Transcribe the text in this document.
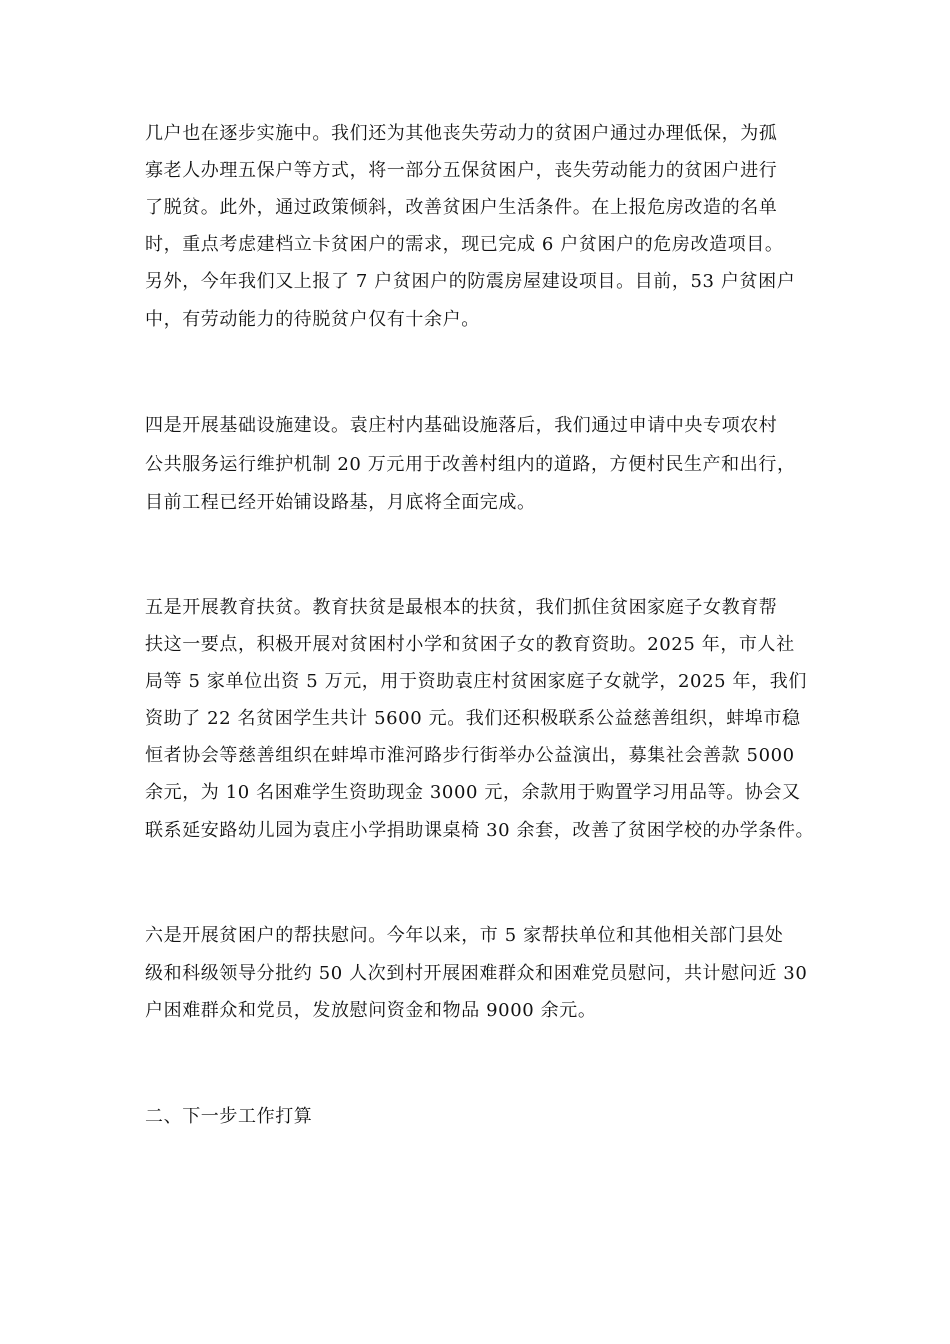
几户也在逐步实施中。我们还为其他丧失劳动力的贫困户通过办理低保，为孤

寡老人办理五保户等方式，将一部分五保贫困户，丧失劳动能力的贫困户进行

了脱贫。此外，通过政策倾斜，改善贫困户生活条件。在上报危房改造的名单

时，重点考虑建档立卡贫困户的需求，现已完成 6 户贫困户的危房改造项目。

另外，今年我们又上报了 7 户贫困户的防震房屋建设项目。目前，53 户贫困户

中，有劳动能力的待脱贫户仅有十余户。

四是开展基础设施建设。袁庄村内基础设施落后，我们通过申请中央专项农村

公共服务运行维护机制 20 万元用于改善村组内的道路，方便村民生产和出行，

目前工程已经开始铺设路基，月底将全面完成。

五是开展教育扶贫。教育扶贫是最根本的扶贫，我们抓住贫困家庭子女教育帮

扶这一要点，积极开展对贫困村小学和贫困子女的教育资助。2025 年，市人社

局等 5 家单位出资 5 万元，用于资助袁庄村贫困家庭子女就学，2025 年，我们

资助了 22 名贫困学生共计 5600 元。我们还积极联系公益慈善组织，蚌埠市稳

恒者协会等慈善组织在蚌埠市淮河路步行街举办公益演出，募集社会善款 5000

余元，为 10 名困难学生资助现金 3000 元，余款用于购置学习用品等。协会又

联系延安路幼儿园为袁庄小学捐助课桌椅 30 余套，改善了贫困学校的办学条件。

六是开展贫困户的帮扶慰问。今年以来，市 5 家帮扶单位和其他相关部门县处

级和科级领导分批约 50 人次到村开展困难群众和困难党员慰问，共计慰问近 30

户困难群众和党员，发放慰问资金和物品 9000 余元。

二、下一步工作打算
